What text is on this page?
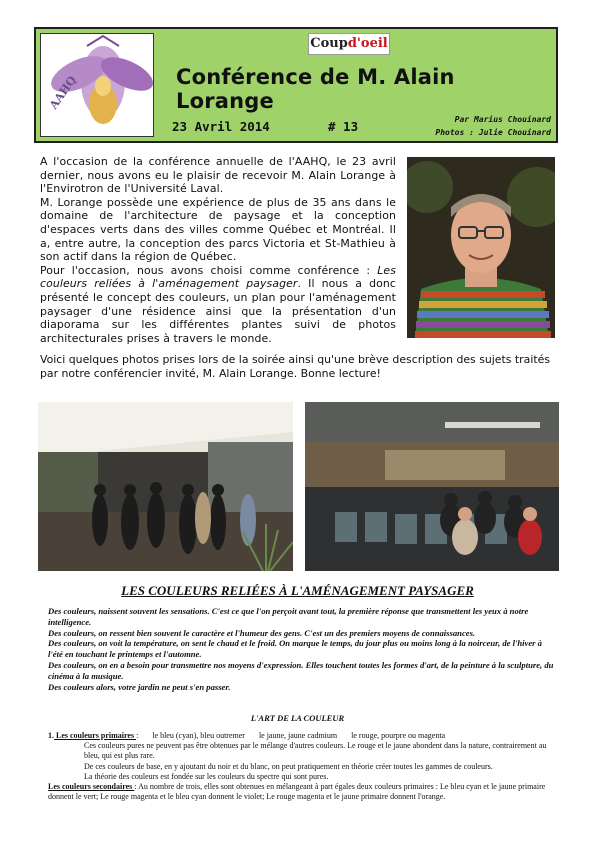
AAHQ
Coupd'oeil
Conférence de M. Alain Lorange
23 Avril 2014	# 13	Par Marius Chouinard
Photos : Julie Chouinard

A l'occasion de la conférence annuelle de l'AAHQ, le 23 avril dernier, nous avons eu le plaisir de recevoir M. Alain Lorange à l'Envirotron de l'Université Laval.

M. Lorange possède une expérience de plus de 35 ans dans le domaine de l'architecture de paysage et la conception d'espaces verts dans des villes comme Québec et Montréal. Il a, entre autre, la conception des parcs Victoria et St-Mathieu à son actif dans la région de Québec.

Pour l'occasion, nous avons choisi comme conférence : Les couleurs reliées à l'aménagement paysager. Il nous a donc présenté le concept des couleurs, un plan pour l'aménagement paysager d'une résidence ainsi que la présentation d'un diaporama sur les différentes plantes suivi de photos architecturales prises à travers le monde.

Voici quelques photos prises lors de la soirée ainsi qu'une brève description des sujets traités par notre conférencier invité, M. Alain Lorange. Bonne lecture!
LES COULEURS RELIÉES À L'AMÉNAGEMENT PAYSAGER

Des couleurs, naissent souvent les sensations. C'est ce que l'on perçoit avant tout, la première réponse que transmettent les yeux à notre intelligence.

Des couleurs, on ressent bien souvent le caractère et l'humeur des gens. C'est un des premiers moyens de connaissances.

Des couleurs, on voit la température, on sent le chaud et le froid. On marque le temps, du jour plus ou moins long à la noirceur, de l'hiver à l'été en touchant le printemps et l'automne.

Des couleurs, on en a besoin pour transmettre nos moyens d'expression. Elles touchent toutes les formes d'art, de la peinture à la sculpture, du cinéma à la musique.

Des couleurs alors, votre jardin ne peut s'en passer.

L'ART DE LA COULEUR

1. Les couleurs primaires : le bleu (cyan), bleu outremer le jaune, jaune cadmium le rouge, pourpre ou magenta

Ces couleurs pures ne peuvent pas être obtenues par le mélange d'autres couleurs. Le rouge et le jaune abondent dans la nature, contrairement au bleu, qui est plus rare.

De ces couleurs de base, en y ajoutant du noir et du blanc, on peut pratiquement en théorie créer toutes les gammes de couleurs.

La théorie des couleurs est fondée sur les couleurs du spectre qui sont pures.

Les couleurs secondaires : Au nombre de trois, elles sont obtenues en mélangeant à part égales deux couleurs primaires : Le bleu cyan et le jaune primaire donnent le vert; Le rouge magenta et le bleu cyan donnent le violet; Le rouge magenta et le jaune primaire donnent l'orange.
